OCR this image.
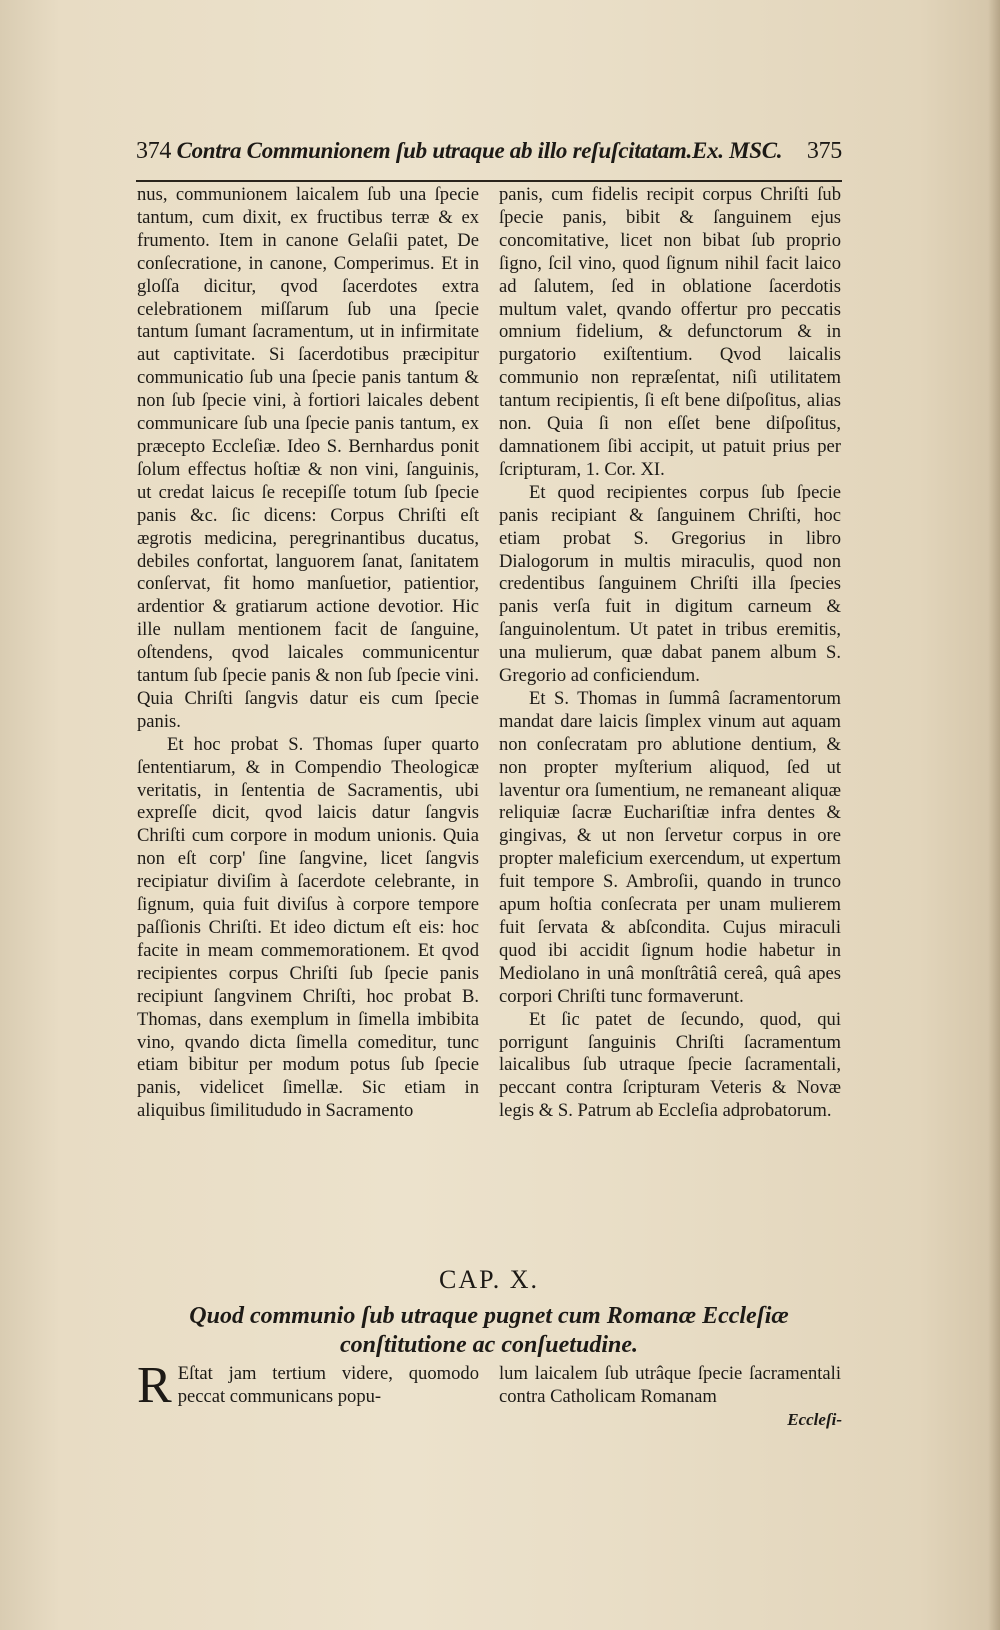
374 Contra Communionem ſub utraque ab illo reſuſcitatam.Ex. MSC. 375

nus, communionem laicalem ſub una ſpecie tantum, cum dixit, ex fructibus terræ & ex frumento. Item in canone Gelaſii patet, De conſecratione, in canone, Comperimus. Et in gloſſa dicitur, qvod ſacerdotes extra celebrationem miſſarum ſub una ſpecie tantum ſumant ſacramentum, ut in infirmitate aut captivitate. Si ſacerdotibus præcipitur communicatio ſub una ſpecie panis tantum & non ſub ſpecie vini, à fortiori laicales debent communicare ſub una ſpecie panis tantum, ex præcepto Eccleſiæ. Ideo S. Bernhardus ponit ſolum effectus hoſtiæ & non vini, ſanguinis, ut credat laicus ſe recepiſſe totum ſub ſpecie panis &c. ſic dicens: Corpus Chriſti eſt ægrotis medicina, peregrinantibus ducatus, debiles confortat, languorem ſanat, ſanitatem conſervat, fit homo manſuetior, patientior, ardentior & gratiarum actione devotior. Hic ille nullam mentionem facit de ſanguine, oſtendens, qvod laicales communicentur tantum ſub ſpecie panis & non ſub ſpecie vini. Quia Chriſti ſangvis datur eis cum ſpecie panis.

Et hoc probat S. Thomas ſuper quarto ſententiarum, & in Compendio Theologicæ veritatis, in ſententia de Sacramentis, ubi expreſſe dicit, qvod laicis datur ſangvis Chriſti cum corpore in modum unionis. Quia non eſt corp' ſine ſangvine, licet ſangvis recipiatur diviſim à ſacerdote celebrante, in ſignum, quia fuit diviſus à corpore tempore paſſionis Chriſti. Et ideo dictum eſt eis: hoc facite in meam commemorationem. Et qvod recipientes corpus Chriſti ſub ſpecie panis recipiunt ſangvinem Chriſti, hoc probat B. Thomas, dans exemplum in ſimella imbibita vino, qvando dicta ſimella comeditur, tunc etiam bibitur per modum potus ſub ſpecie panis, videlicet ſimellæ. Sic etiam in aliquibus ſimilitududo in Sacramento

panis, cum fidelis recipit corpus Chriſti ſub ſpecie panis, bibit & ſanguinem ejus concomitative, licet non bibat ſub proprio ſigno, ſcil vino, quod ſignum nihil facit laico ad ſalutem, ſed in oblatione ſacerdotis multum valet, qvando offertur pro peccatis omnium fidelium, & defunctorum & in purgatorio exiſtentium. Qvod laicalis communio non repræſentat, niſi utilitatem tantum recipientis, ſi eſt bene diſpoſitus, alias non. Quia ſi non eſſet bene diſpoſitus, damnationem ſibi accipit, ut patuit prius per ſcripturam, 1. Cor. XI.

Et quod recipientes corpus ſub ſpecie panis recipiant & ſanguinem Chriſti, hoc etiam probat S. Gregorius in libro Dialogorum in multis miraculis, quod non credentibus ſanguinem Chriſti illa ſpecies panis verſa fuit in digitum carneum & ſanguinolentum. Ut patet in tribus eremitis, una mulierum, quæ dabat panem album S. Gregorio ad conficiendum.

Et S. Thomas in ſummâ ſacramentorum mandat dare laicis ſimplex vinum aut aquam non conſecratam pro ablutione dentium, & non propter myſterium aliquod, ſed ut laventur ora ſumentium, ne remaneant aliquæ reliquiæ ſacræ Euchariſtiæ infra dentes & gingivas, & ut non ſervetur corpus in ore propter maleficium exercendum, ut expertum fuit tempore S. Ambroſii, quando in trunco apum hoſtia conſecrata per unam mulierem fuit ſervata & abſcondita. Cujus miraculi quod ibi accidit ſignum hodie habetur in Mediolano in unâ monſtrâtiâ cereâ, quâ apes corpori Chriſti tunc formaverunt.

Et ſic patet de ſecundo, quod, qui porrigunt ſanguinis Chriſti ſacramentum laicalibus ſub utraque ſpecie ſacramentali, peccant contra ſcripturam Veteris & Novæ legis & S. Patrum ab Eccleſia adprobatorum.

CAP. X.
Quod communio ſub utraque pugnet cum Romanæ Eccleſiæ
conſtitutione ac conſuetudine.

R Eſtat jam tertium videre, quomodo peccat communicans popu-

lum laicalem ſub utrâque ſpecie ſacramentali contra Catholicam Romanam

Eccleſi-
